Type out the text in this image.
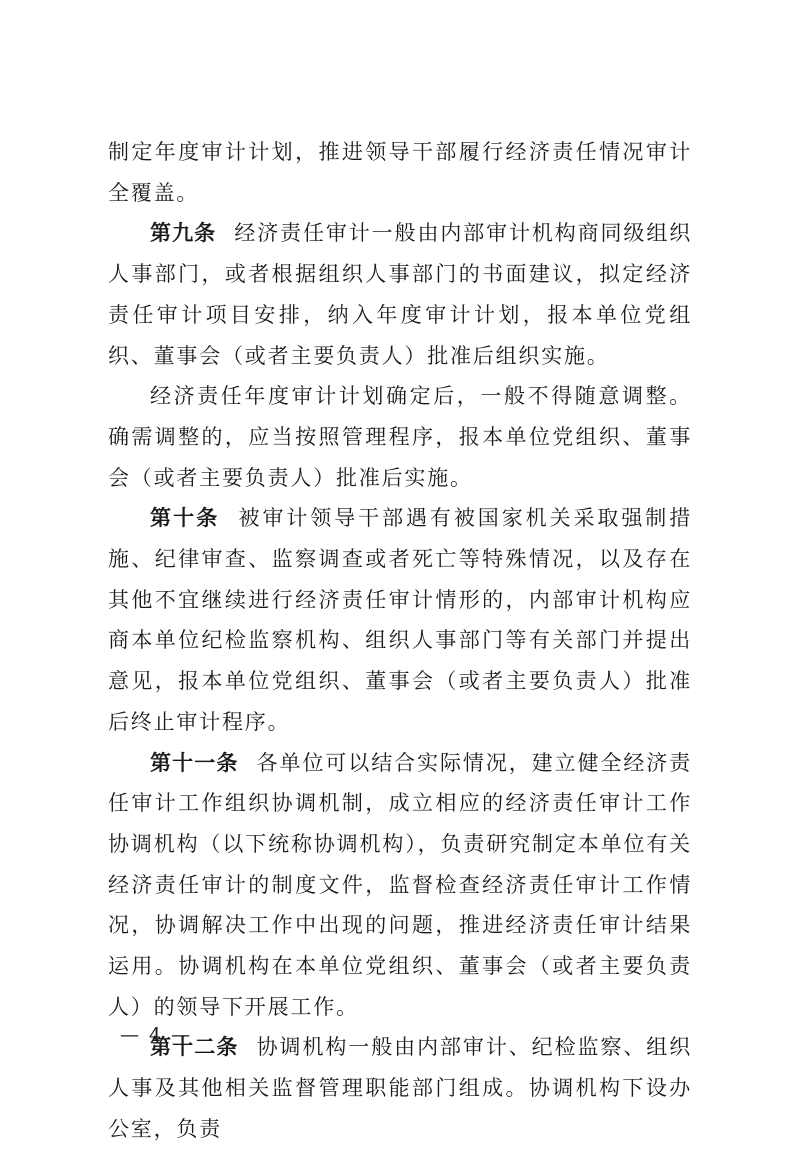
制定年度审计计划，推进领导干部履行经济责任情况审计全覆盖。

第九条 经济责任审计一般由内部审计机构商同级组织人事部门，或者根据组织人事部门的书面建议，拟定经济责任审计项目安排，纳入年度审计计划，报本单位党组织、董事会（或者主要负责人）批准后组织实施。

经济责任年度审计计划确定后，一般不得随意调整。确需调整的，应当按照管理程序，报本单位党组织、董事会（或者主要负责人）批准后实施。

第十条 被审计领导干部遇有被国家机关采取强制措施、纪律审查、监察调查或者死亡等特殊情况，以及存在其他不宜继续进行经济责任审计情形的，内部审计机构应商本单位纪检监察机构、组织人事部门等有关部门并提出意见，报本单位党组织、董事会（或者主要负责人）批准后终止审计程序。

第十一条 各单位可以结合实际情况，建立健全经济责任审计工作组织协调机制，成立相应的经济责任审计工作协调机构（以下统称协调机构），负责研究制定本单位有关经济责任审计的制度文件，监督检查经济责任审计工作情况，协调解决工作中出现的问题，推进经济责任审计结果运用。协调机构在本单位党组织、董事会（或者主要负责人）的领导下开展工作。

第十二条 协调机构一般由内部审计、纪检监察、组织人事及其他相关监督管理职能部门组成。协调机构下设办公室，负责

— 4 —
